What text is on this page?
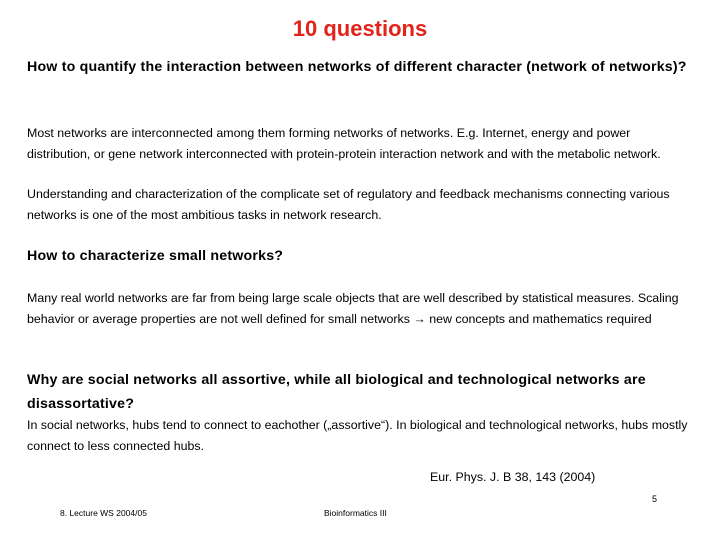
10 questions
How to quantify the interaction between networks of different character (network of networks)?
Most networks are interconnected among them forming networks of networks. E.g. Internet, energy and power distribution, or gene network interconnected with protein-protein interaction network and with the metabolic network.
Understanding and characterization of the complicate set of regulatory and feedback mechanisms connecting various networks is one of the most ambitious tasks in network research.
How to characterize small networks?
Many real world networks are far from being large scale objects that are well described by statistical measures. Scaling behavior or average properties are not well defined for small networks → new concepts and mathematics required
Why are social networks all assortive, while all biological and technological networks are disassortative?
In social networks, hubs tend to connect to eachother („assortive“). In biological and technological networks, hubs mostly connect to less connected hubs.
Eur. Phys. J. B 38, 143 (2004)
5
8. Lecture WS 2004/05	Bioinformatics III
